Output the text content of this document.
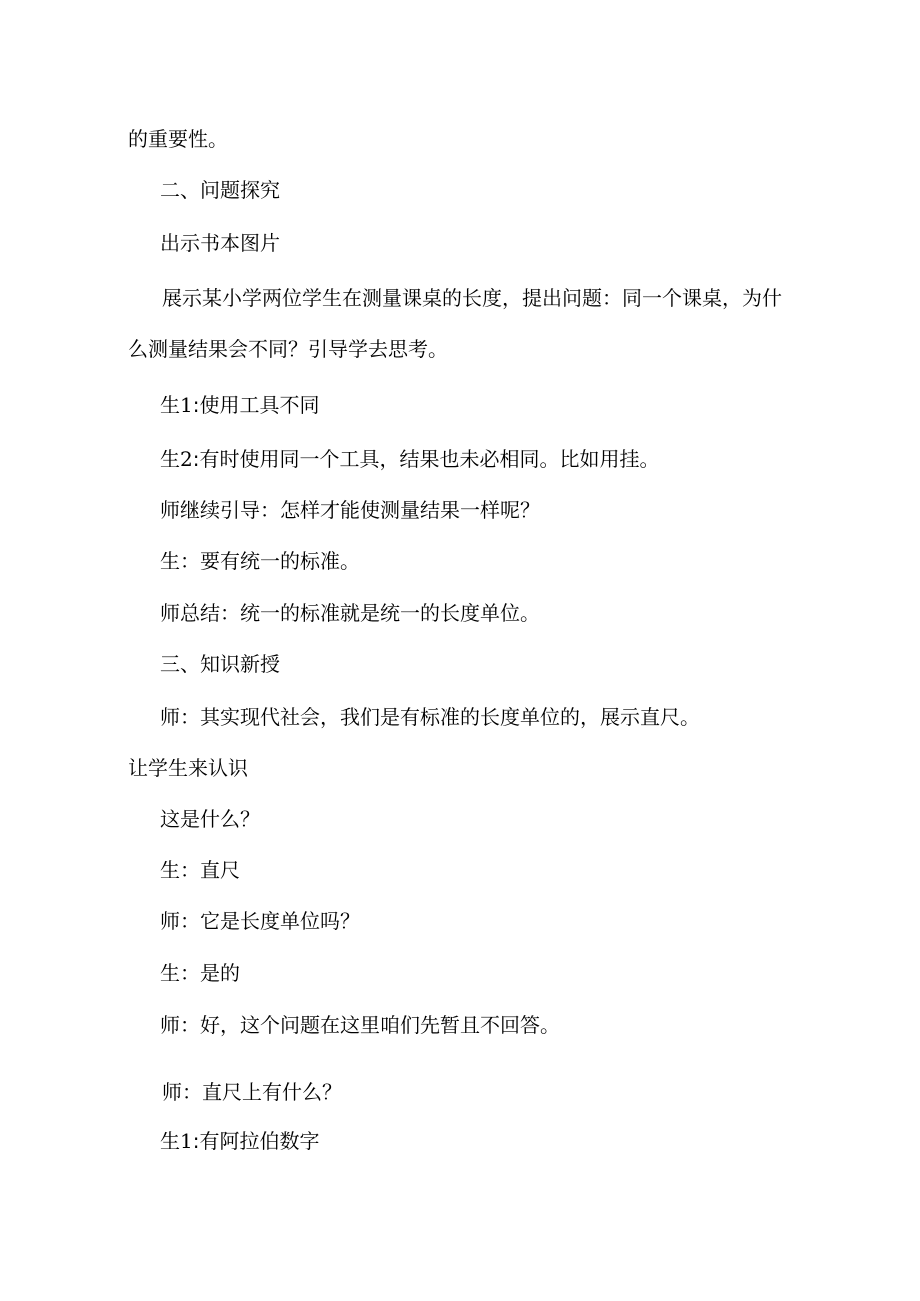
的重要性。

二、问题探究

出示书本图片

展示某小学两位学生在测量课桌的长度，提出问题：同一个课桌，为什

么测量结果会不同？引导学去思考。

生1:使用工具不同

生2:有时使用同一个工具，结果也未必相同。比如用挂。

师继续引导：怎样才能使测量结果一样呢？

生：要有统一的标准。

师总结：统一的标准就是统一的长度单位。

三、知识新授

师：其实现代社会，我们是有标准的长度单位的，展示直尺。

让学生来认识

这是什么？

生：直尺

师：它是长度单位吗？

生：是的

师：好，这个问题在这里咱们先暂且不回答。

师：直尺上有什么？

生1:有阿拉伯数字
